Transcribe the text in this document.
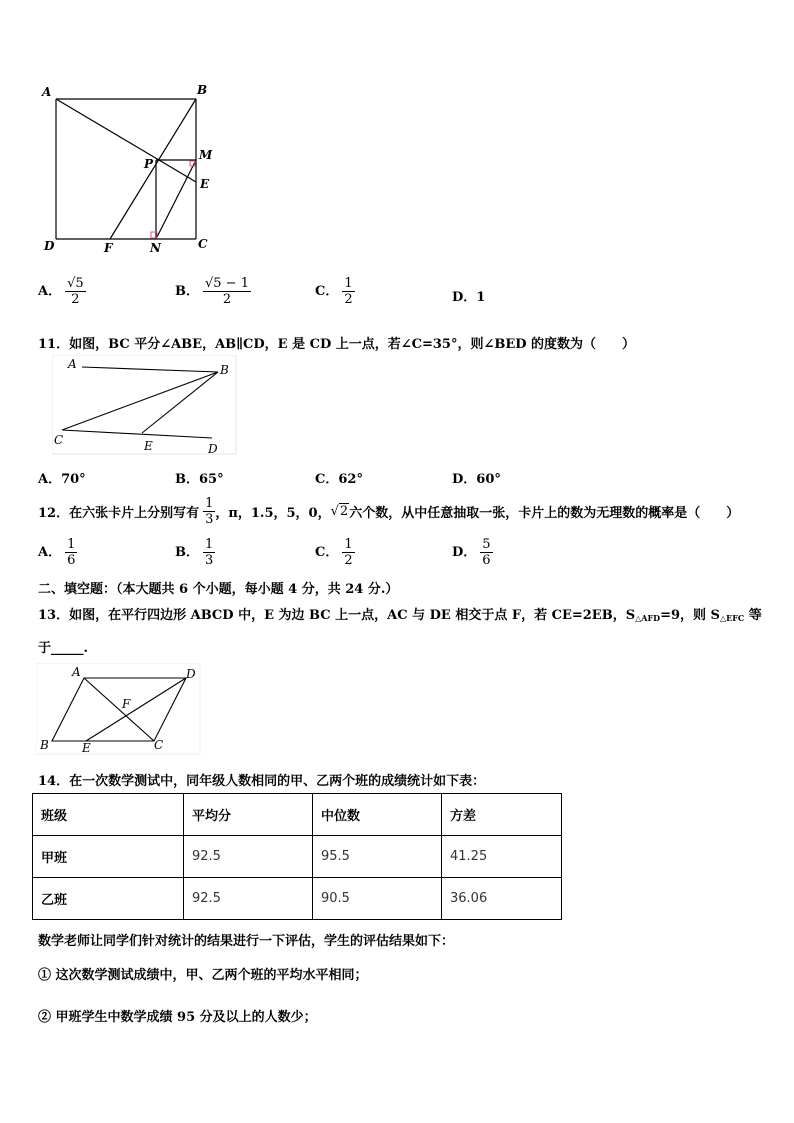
A	B
P
M
E
D	F	N	C
A． $\frac{√5}{2}$	B． $\frac{√5 - 1}{2}$	C． $\frac{1}{2}$	D．1
11．如图，BC 平分∠ABE，AB∥CD，E 是 CD 上一点，若∠C=35°，则∠BED 的度数为（　　）
A	B
C	E	D
A．70°	B．65°	C．62°	D．60°
12．在六张卡片上分别写有 $\frac{1}{3}$ ，π，1.5，5，0， √2 六个数，从中任意抽取一张，卡片上的数为无理数的概率是（　　）
A． $\frac{1}{6}$	B． $\frac{1}{3}$	C． $\frac{1}{2}$	D． $\frac{5}{6}$
二、填空题：（本大题共 6 个小题，每小题 4 分，共 24 分.）
13．如图，在平行四边形 ABCD 中，E 为边 BC 上一点，AC 与 DE 相交于点 F，若 CE=2EB，$S_{\triangle AFD}=9$，则 $S_{\triangle EFC}$ 等
于_____.
A	D
F
B	E	C
14．在一次数学测试中，同年级人数相同的甲、乙两个班的成绩统计如下表：
班级	平均分	中位数	方差
甲班	92.5	95.5	41.25
乙班	92.5	90.5	36.06
数学老师让同学们针对统计的结果进行一下评估，学生的评估结果如下：
① 这次数学测试成绩中，甲、乙两个班的平均水平相同；
② 甲班学生中数学成绩 95 分及以上的人数少；
